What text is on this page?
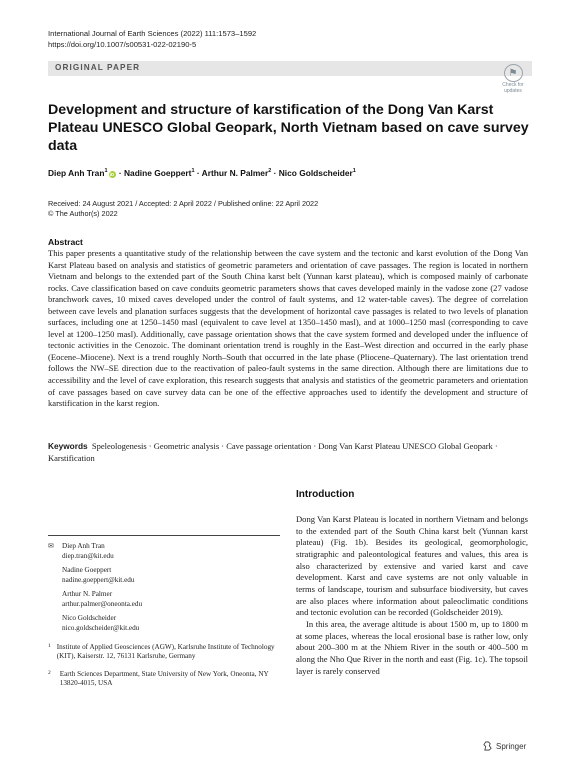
International Journal of Earth Sciences (2022) 111:1573–1592
https://doi.org/10.1007/s00531-022-02190-5
ORIGINAL PAPER	⚑
Check for
updates
Development and structure of karstification of the Dong Van Karst Plateau UNESCO Global Geopark, North Vietnam based on cave survey data
Diep Anh Tran$^1$iD · Nadine Goeppert$^1$ · Arthur N. Palmer$^2$ · Nico Goldscheider$^1$
Received: 24 August 2021 / Accepted: 2 April 2022 / Published online: 22 April 2022
© The Author(s) 2022
Abstract
This paper presents a quantitative study of the relationship between the cave system and the tectonic and karst evolution of the Dong Van Karst Plateau based on analysis and statistics of geometric parameters and orientation of cave passages. The region is located in northern Vietnam and belongs to the extended part of the South China karst belt (Yunnan karst plateau), which is composed mainly of carbonate rocks. Cave classification based on cave conduits geometric parameters shows that caves developed mainly in the vadose zone (27 vadose branchwork caves, 10 mixed caves developed under the control of fault systems, and 12 water-table caves). The degree of correlation between cave levels and planation surfaces suggests that the development of horizontal cave passages is related to two levels of planation surfaces, including one at 1250–1450 masl (equivalent to cave level at 1350–1450 masl), and at 1000–1250 masl (corresponding to cave level at 1200–1250 masl). Additionally, cave passage orientation shows that the cave system formed and developed under the influence of tectonic activities in the Cenozoic. The dominant orientation trend is roughly in the East–West direction and occurred in the early phase (Eocene–Miocene). Next is a trend roughly North–South that occurred in the late phase (Pliocene–Quaternary). The last orientation trend follows the NW–SE direction due to the reactivation of paleo-fault systems in the same direction. Although there are limitations due to accessibility and the level of cave exploration, this research suggests that analysis and statistics of the geometric parameters and orientation of cave passages based on cave survey data can be one of the effective approaches used to identify the development and structure of karstification in the karst region.
Keywords Speleologenesis · Geometric analysis · Cave passage orientation · Dong Van Karst Plateau UNESCO Global Geopark · Karstification
Introduction

Dong Van Karst Plateau is located in northern Vietnam and belongs to the extended part of the South China karst belt (Yunnan karst plateau) (Fig. 1b). Besides its geological, geomorphologic, stratigraphic and paleontological features and values, this area is also characterized by extensive and varied karst and cave development. Karst and cave systems are not only valuable in terms of landscape, tourism and subsurface biodiversity, but caves are also places where information about paleoclimatic conditions and tectonic evolution can be recorded (Goldscheider 2019).

In this area, the average altitude is about 1500 m, up to 1800 m at some places, whereas the local erosional base is rather low, only about 200–300 m at the Nhiem River in the south or 400–500 m along the Nho Que River in the north and east (Fig. 1c). The topsoil layer is rarely conserved

✉	Diep Anh Tran
diep.tran@kit.edu
Nadine Goeppert
nadine.goeppert@kit.edu
Arthur N. Palmer
arthur.palmer@oneonta.edu
Nico Goldscheider
nico.goldscheider@kit.edu
1 Institute of Applied Geosciences (AGW), Karlsruhe Institute of Technology (KIT), Kaiserstr. 12, 76131 Karlsruhe, Germany
2	Earth Sciences Department, State University of New York, Oneonta, NY 13820-4015, USA
Springer
